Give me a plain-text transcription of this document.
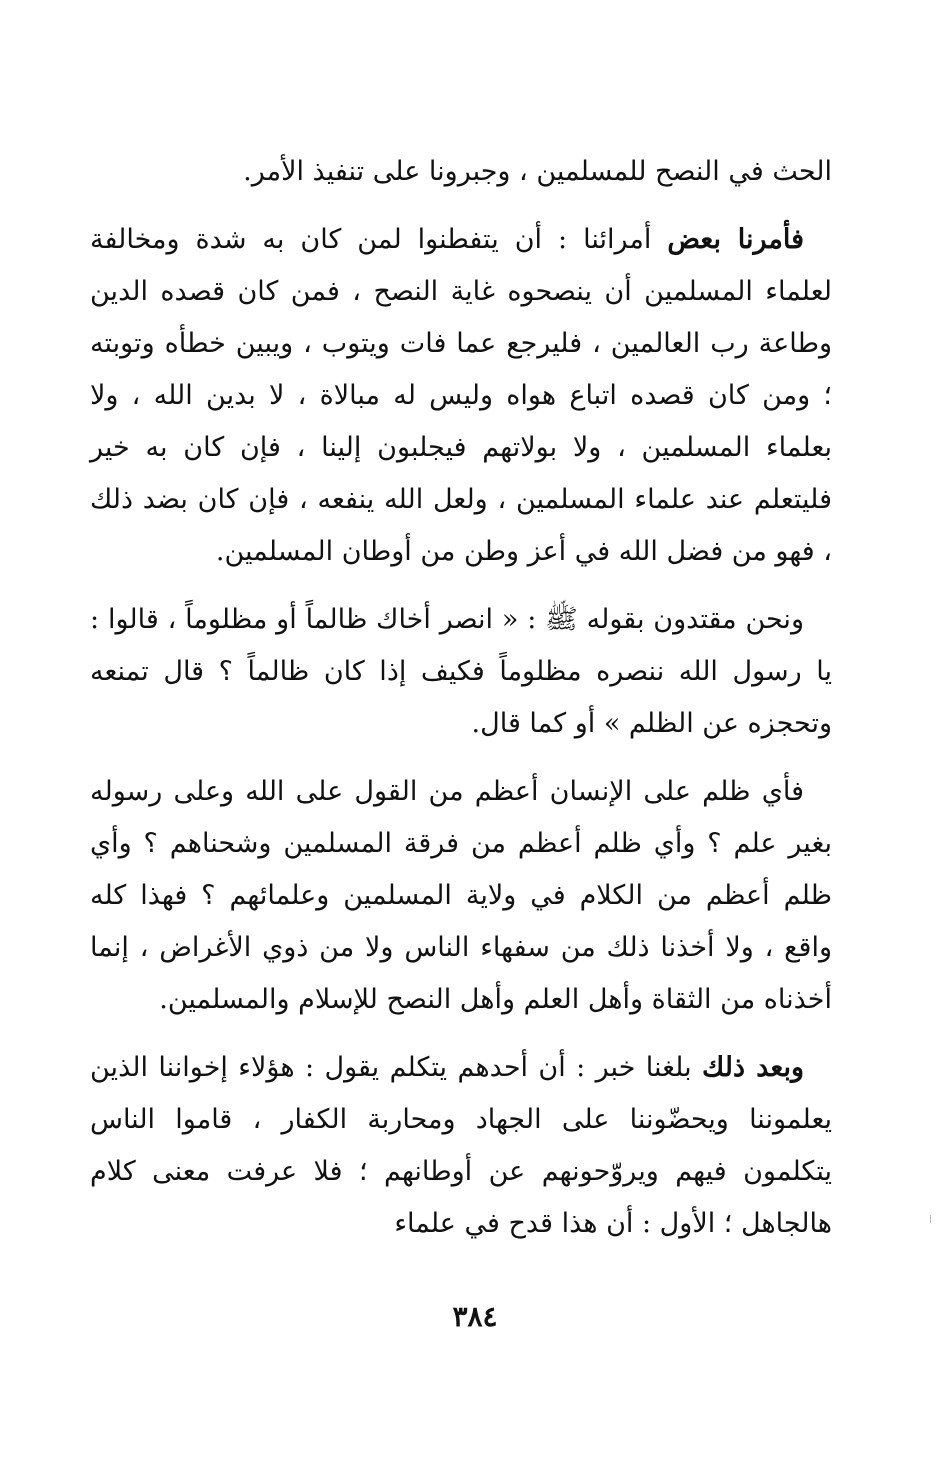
الحث في النصح للمسلمين ، وجبرونا على تنفيذ الأمر.

فأمرنا بعض أمرائنا : أن يتفطنوا لمن كان به شدة ومخالفة لعلماء المسلمين أن ينصحوه غاية النصح ، فمن كان قصده الدين وطاعة رب العالمين ، فليرجع عما فات ويتوب ، ويبين خطأه وتوبته ؛ ومن كان قصده اتباع هواه وليس له مبالاة ، لا بدين الله ، ولا بعلماء المسلمين ، ولا بولاتهم فيجلبون إلينا ، فإن كان به خير فليتعلم عند علماء المسلمين ، ولعل الله ينفعه ، فإن كان بضد ذلك ، فهو من فضل الله في أعز وطن من أوطان المسلمين.

ونحن مقتدون بقوله ﷺ : « انصر أخاك ظالماً أو مظلوماً ، قالوا : يا رسول الله ننصره مظلوماً فكيف إذا كان ظالماً ؟ قال تمنعه وتحجزه عن الظلم » أو كما قال.

فأي ظلم على الإنسان أعظم من القول على الله وعلى رسوله بغير علم ؟ وأي ظلم أعظم من فرقة المسلمين وشحناهم ؟ وأي ظلم أعظم من الكلام في ولاية المسلمين وعلمائهم ؟ فهذا كله واقع ، ولا أخذنا ذلك من سفهاء الناس ولا من ذوي الأغراض ، إنما أخذناه من الثقاة وأهل العلم وأهل النصح للإسلام والمسلمين.

وبعد ذلك بلغنا خبر : أن أحدهم يتكلم يقول : هؤلاء إخواننا الذين يعلموننا ويحضّوننا على الجهاد ومحاربة الكفار ، قاموا الناس يتكلمون فيهم ويروّحونهم عن أوطانهم ؛ فلا عرفت معنى كلام هالجاهل ؛ الأول : أن هذا قدح في علماء

٣٨٤
